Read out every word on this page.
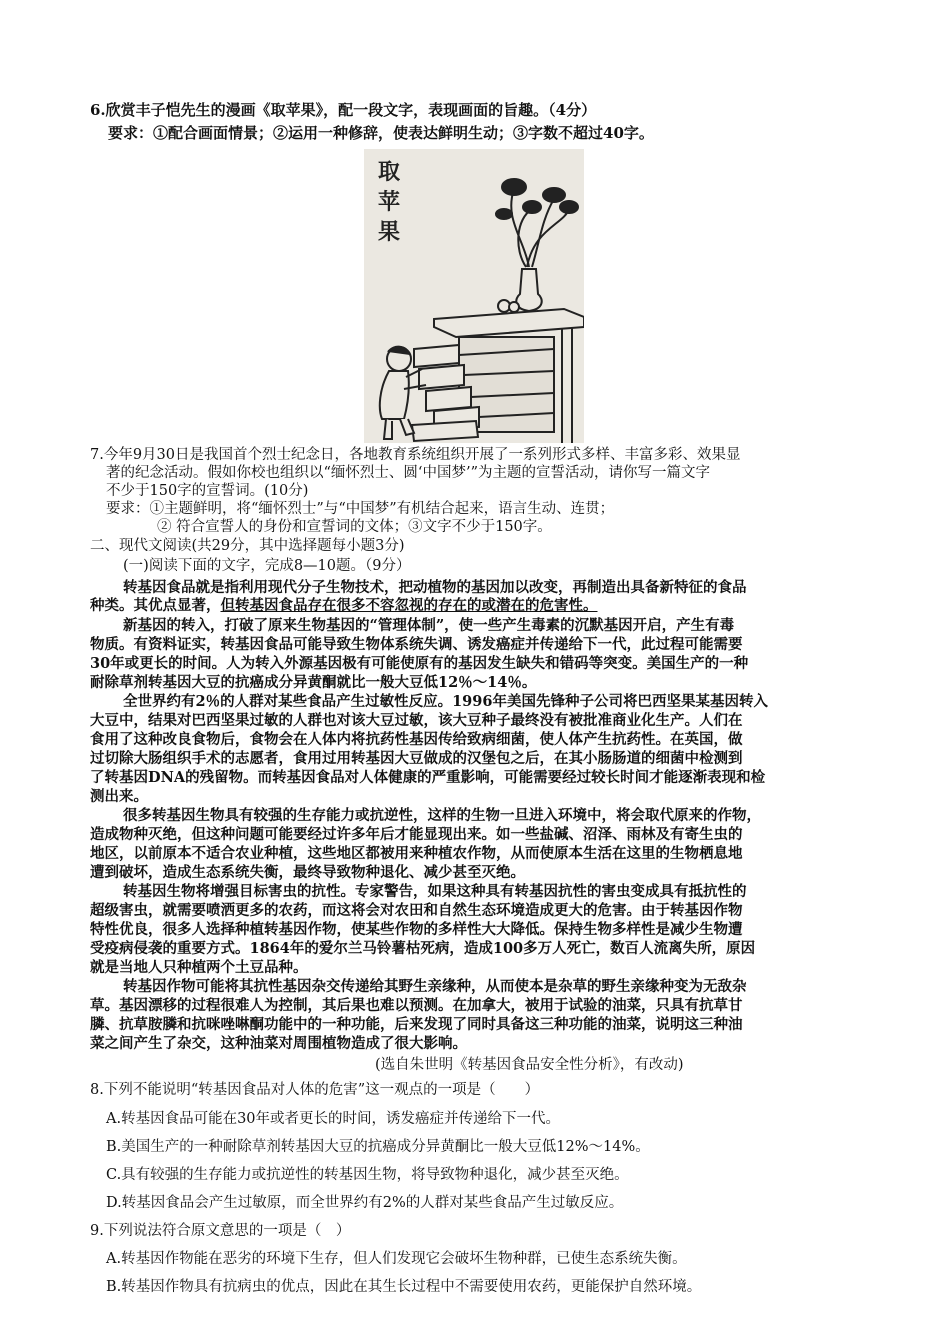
6.欣赏丰子恺先生的漫画《取苹果》，配一段文字，表现画面的旨趣。（4分）
要求：①配合画面情景；②运用一种修辞，使表达鲜明生动；③字数不超过40字。
取
苹
果
7.今年9月30日是我国首个烈士纪念日，各地教育系统组织开展了一系列形式多样、丰富多彩、效果显
著的纪念活动。假如你校也组织以“缅怀烈士、圆‘中国梦’”为主题的宣誓活动，请你写一篇文字
不少于150字的宣誓词。(10分)
要求：①主题鲜明，将“缅怀烈士”与“中国梦”有机结合起来，语言生动、连贯；
② 符合宣誓人的身份和宣誓词的文体；③文字不少于150字。
二、现代文阅读(共29分，其中选择题每小题3分)
(一)阅读下面的文字，完成8—10题。（9分）
转基因食品就是指利用现代分子生物技术，把动植物的基因加以改变，再制造出具备新特征的食品
种类。其优点显著，但转基因食品存在很多不容忽视的存在的或潜在的危害性。
新基因的转入，打破了原来生物基因的“管理体制”，使一些产生毒素的沉默基因开启，产生有毒
物质。有资料证实，转基因食品可能导致生物体系统失调、诱发癌症并传递给下一代，此过程可能需要
30年或更长的时间。人为转入外源基因极有可能使原有的基因发生缺失和错码等突变。美国生产的一种
耐除草剂转基因大豆的抗癌成分异黄酮就比一般大豆低12％～14％。
全世界约有2％的人群对某些食品产生过敏性反应。1996年美国先锋种子公司将巴西坚果某基因转入
大豆中，结果对巴西坚果过敏的人群也对该大豆过敏，该大豆种子最终没有被批准商业化生产。人们在
食用了这种改良食物后，食物会在人体内将抗药性基因传给致病细菌，使人体产生抗药性。在英国，做
过切除大肠组织手术的志愿者，食用过用转基因大豆做成的汉堡包之后，在其小肠肠道的细菌中检测到
了转基因DNA的残留物。而转基因食品对人体健康的严重影响，可能需要经过较长时间才能逐渐表现和检
测出来。
很多转基因生物具有较强的生存能力或抗逆性，这样的生物一旦进入环境中，将会取代原来的作物，
造成物种灭绝，但这种问题可能要经过许多年后才能显现出来。如一些盐碱、沼泽、雨林及有寄生虫的
地区，以前原本不适合农业种植，这些地区都被用来种植农作物，从而使原本生活在这里的生物栖息地
遭到破坏，造成生态系统失衡，最终导致物种退化、减少甚至灭绝。
转基因生物将增强目标害虫的抗性。专家警告，如果这种具有转基因抗性的害虫变成具有抵抗性的
超级害虫，就需要喷洒更多的农药，而这将会对农田和自然生态环境造成更大的危害。由于转基因作物
特性优良，很多人选择种植转基因作物，使某些作物的多样性大大降低。保持生物多样性是减少生物遭
受疫病侵袭的重要方式。1864年的爱尔兰马铃薯枯死病，造成100多万人死亡，数百人流离失所，原因
就是当地人只种植两个土豆品种。
转基因作物可能将其抗性基因杂交传递给其野生亲缘种，从而使本是杂草的野生亲缘种变为无敌杂
草。基因漂移的过程很难人为控制，其后果也难以预测。在加拿大，被用于试验的油菜，只具有抗草甘
膦、抗草胺膦和抗咪唑啉酮功能中的一种功能，后来发现了同时具备这三种功能的油菜，说明这三种油
菜之间产生了杂交，这种油菜对周围植物造成了很大影响。
(选自朱世明《转基因食品安全性分析》，有改动)
8.下列不能说明“转基因食品对人体的危害”这一观点的一项是（　　）
A.转基因食品可能在30年或者更长的时间，诱发癌症并传递给下一代。
B.美国生产的一种耐除草剂转基因大豆的抗癌成分异黄酮比一般大豆低12%～14%。
C.具有较强的生存能力或抗逆性的转基因生物，将导致物种退化，减少甚至灭绝。
D.转基因食品会产生过敏原，而全世界约有2%的人群对某些食品产生过敏反应。
9.下列说法符合原文意思的一项是（　）
A.转基因作物能在恶劣的环境下生存，但人们发现它会破坏生物种群，已使生态系统失衡。
B.转基因作物具有抗病虫的优点，因此在其生长过程中不需要使用农药，更能保护自然环境。
